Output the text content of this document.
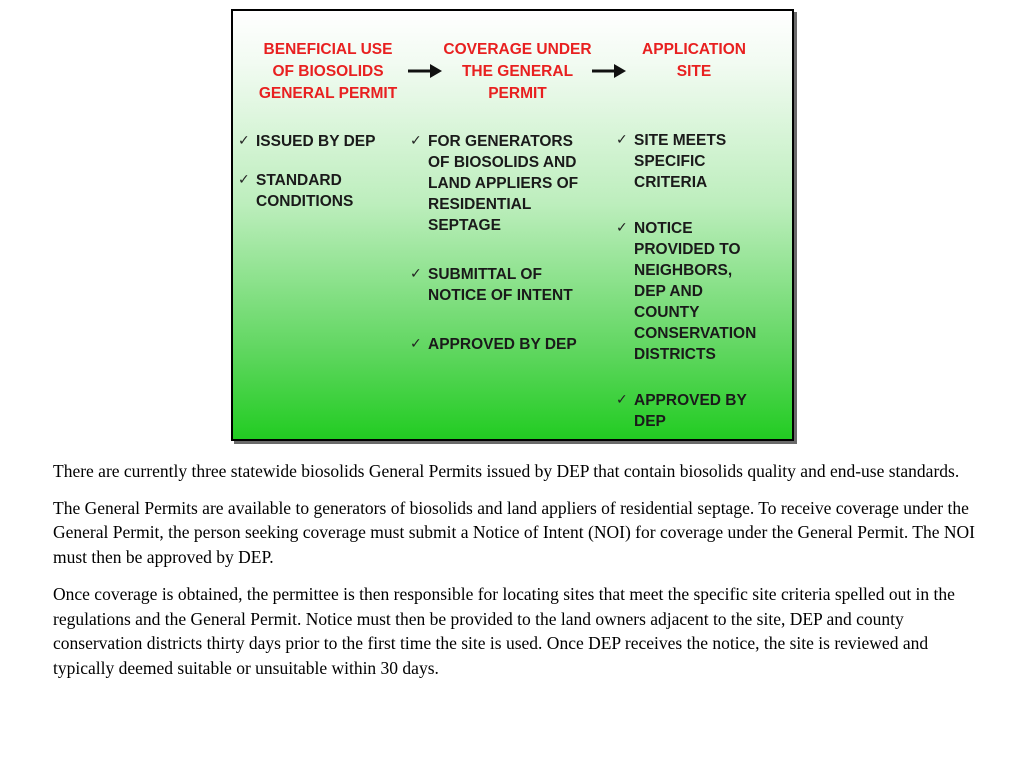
BENEFICIAL USE
OF BIOSOLIDS
GENERAL PERMIT
COVERAGE UNDER
THE GENERAL
PERMIT
APPLICATION
SITE
✓ ISSUED BY DEP
✓ STANDARD
CONDITIONS
✓ FOR GENERATORS
OF BIOSOLIDS AND
LAND APPLIERS OF
RESIDENTIAL
SEPTAGE
✓ SUBMITTAL OF
NOTICE OF INTENT
✓ APPROVED BY DEP
✓ SITE MEETS
SPECIFIC
CRITERIA
✓ NOTICE
PROVIDED TO
NEIGHBORS,
DEP AND
COUNTY
CONSERVATION
DISTRICTS
✓ APPROVED BY
DEP

There are currently three statewide biosolids General Permits issued by DEP that contain biosolids quality and end-use standards.

The General Permits are available to generators of biosolids and land appliers of residential septage. To receive coverage under the General Permit, the person seeking coverage must submit a Notice of Intent (NOI) for coverage under the General Permit. The NOI must then be approved by DEP.

Once coverage is obtained, the permittee is then responsible for locating sites that meet the specific site criteria spelled out in the regulations and the General Permit. Notice must then be provided to the land owners adjacent to the site, DEP and county conservation districts thirty days prior to the first time the site is used. Once DEP receives the notice, the site is reviewed and typically deemed suitable or unsuitable within 30 days.
